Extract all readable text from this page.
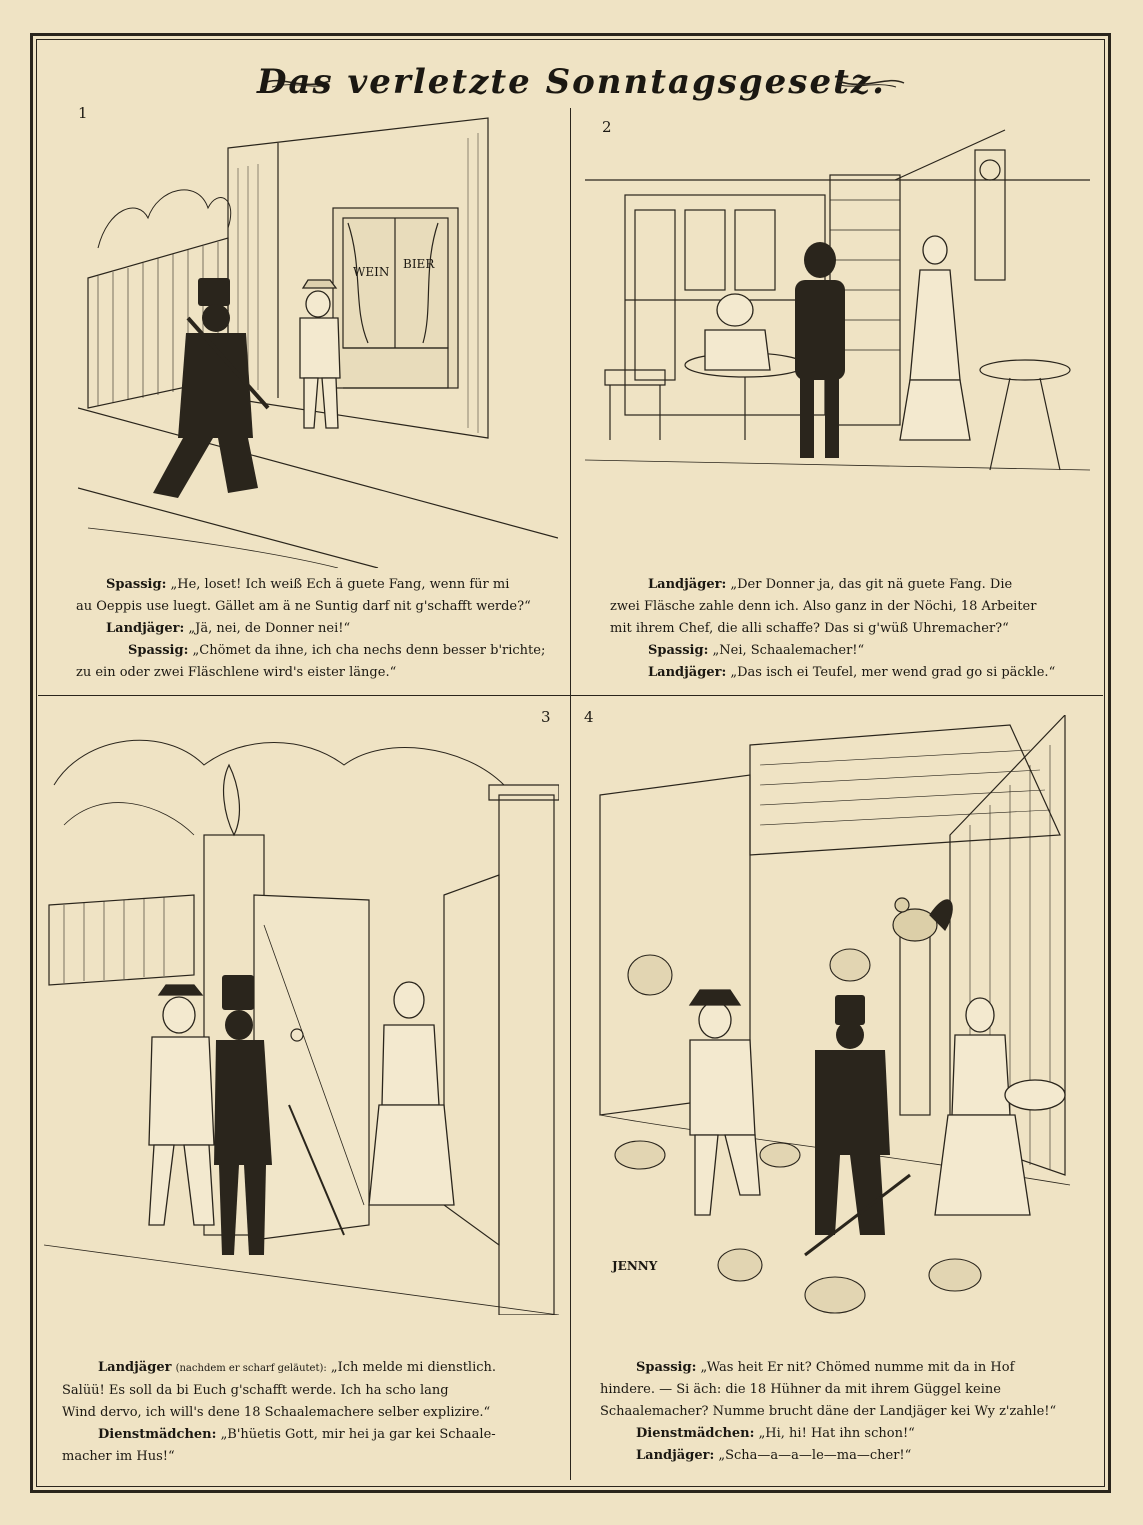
Das verletzte Sonntagsgesetz.
1
2
3 4
WEIN
BIER
JENNY
Spassig: „He, loset! Ich weiß Ech ä guete Fang, wenn für mi
au Oeppis use luegt. Gället am ä ne Suntig darf nit g'schafft werde?“
Landjäger: „Jä, nei, de Donner nei!“
Spassig: „Chömet da ihne, ich cha nechs denn besser b'richte;
zu ein oder zwei Fläschlene wird's eister länge.“
Landjäger: „Der Donner ja, das git nä guete Fang. Die
zwei Fläsche zahle denn ich. Also ganz in der Nöchi, 18 Arbeiter
mit ihrem Chef, die alli schaffe? Das si g'wüß Uhremacher?“
Spassig: „Nei, Schaalemacher!“
Landjäger: „Das isch ei Teufel, mer wend grad go si päckle.“
Landjäger (nachdem er scharf geläutet): „Ich melde mi dienstlich.
Salüü! Es soll da bi Euch g'schafft werde. Ich ha scho lang
Wind dervo, ich will's dene 18 Schaalemachere selber explizire.“
Dienstmädchen: „B'hüetis Gott, mir hei ja gar kei Schaale-
macher im Hus!“
Spassig: „Was heit Er nit? Chömed numme mit da in Hof
hindere. — Si äch: die 18 Hühner da mit ihrem Güggel keine
Schaalemacher? Numme brucht däne der Landjäger kei Wy z'zahle!“
Dienstmädchen: „Hi, hi! Hat ihn schon!“
Landjäger: „Scha—a—a—le—ma—cher!“
